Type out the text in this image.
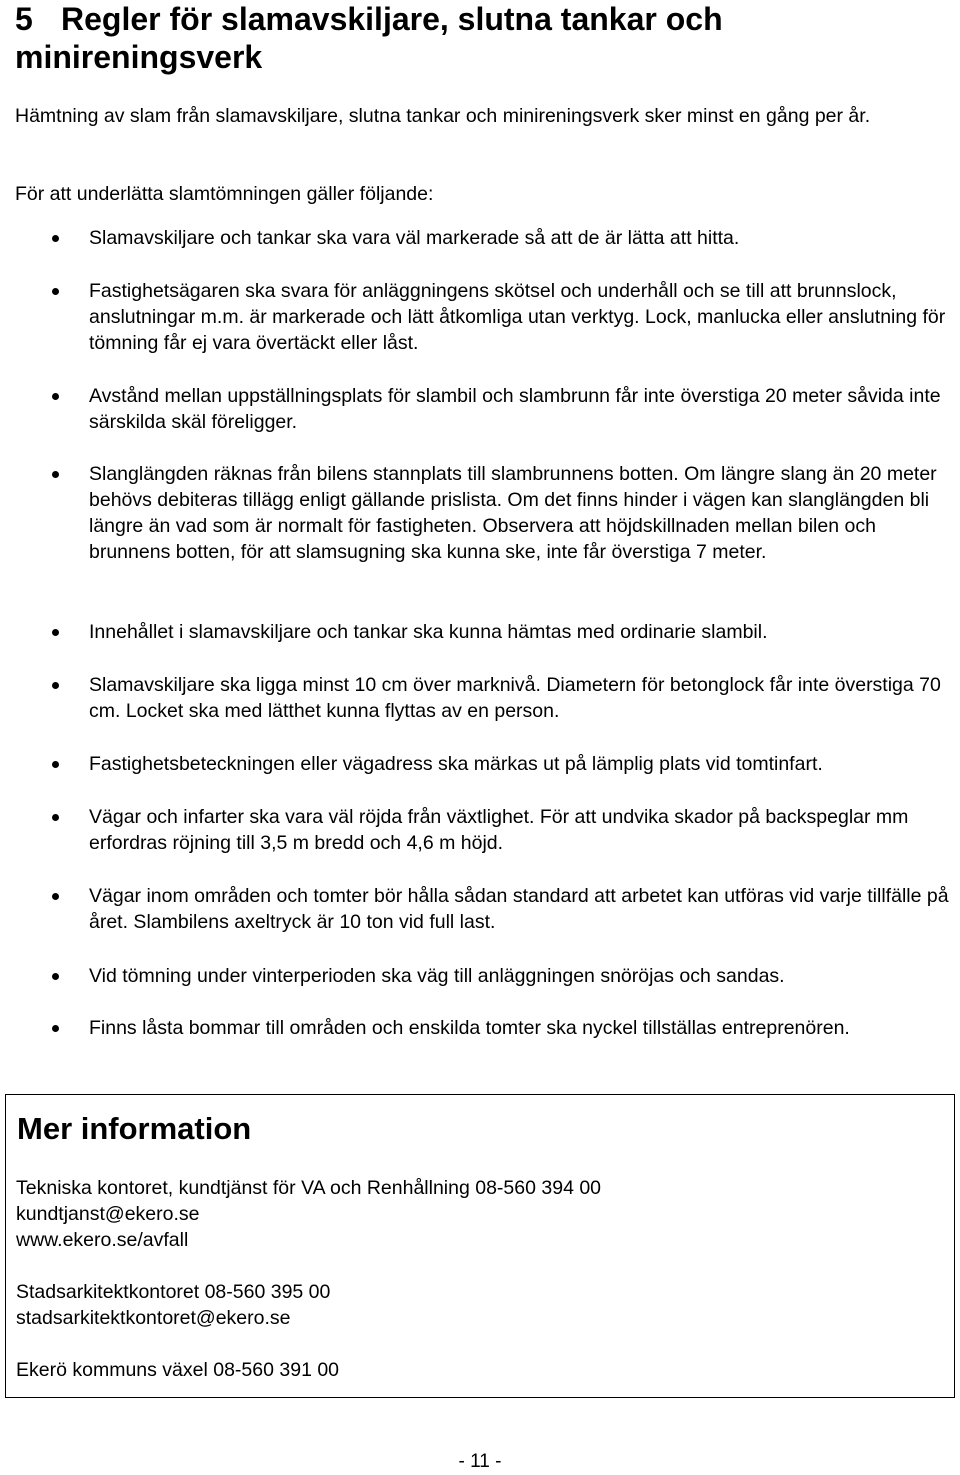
5 Regler för slamavskiljare, slutna tankar och minireningsverk

Hämtning av slam från slamavskiljare, slutna tankar och minireningsverk sker minst en gång per år.

För att underlätta slamtömningen gäller följande:

Slamavskiljare och tankar ska vara väl markerade så att de är lätta att hitta.
Fastighetsägaren ska svara för anläggningens skötsel och underhåll och se till att brunnslock, anslutningar m.m. är markerade och lätt åtkomliga utan verktyg. Lock, manlucka eller anslutning för tömning får ej vara övertäckt eller låst.
Avstånd mellan uppställningsplats för slambil och slambrunn får inte överstiga 20 meter såvida inte särskilda skäl föreligger.
Slanglängden räknas från bilens stannplats till slambrunnens botten. Om längre slang än 20 meter behövs debiteras tillägg enligt gällande prislista. Om det finns hinder i vägen kan slanglängden bli längre än vad som är normalt för fastigheten. Observera att höjdskillnaden mellan bilen och brunnens botten, för att slamsugning ska kunna ske, inte får överstiga 7 meter.
Innehållet i slamavskiljare och tankar ska kunna hämtas med ordinarie slambil.
Slamavskiljare ska ligga minst 10 cm över marknivå. Diametern för betonglock får inte överstiga 70 cm. Locket ska med lätthet kunna flyttas av en person.
Fastighetsbeteckningen eller vägadress ska märkas ut på lämplig plats vid tomtinfart.
Vägar och infarter ska vara väl röjda från växtlighet. För att undvika skador på backspeglar mm erfordras röjning till 3,5 m bredd och 4,6 m höjd.
Vägar inom områden och tomter bör hålla sådan standard att arbetet kan utföras vid varje tillfälle på året. Slambilens axeltryck är 10 ton vid full last.
Vid tömning under vinterperioden ska väg till anläggningen snöröjas och sandas.
Finns låsta bommar till områden och enskilda tomter ska nyckel tillställas entreprenören.
Mer information
Tekniska kontoret, kundtjänst för VA och Renhållning 08-560 394 00
kundtjanst@ekero.se
www.ekero.se/avfall
Stadsarkitektkontoret 08-560 395 00
stadsarkitektkontoret@ekero.se
Ekerö kommuns växel 08-560 391 00
- 11 -
